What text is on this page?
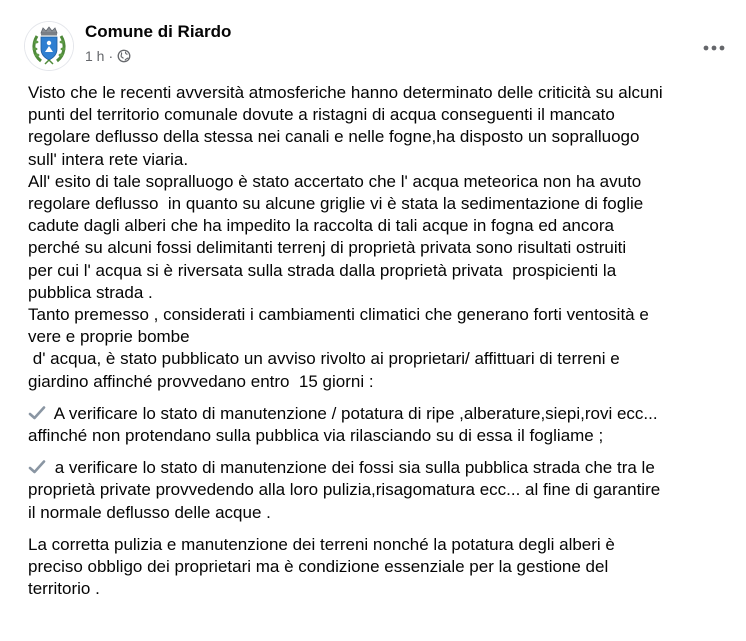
Comune di Riardo
1 h ·

Visto che le recenti avversità atmosferiche hanno determinato delle criticità su alcuni
punti del territorio comunale dovute a ristagni di acqua conseguenti il mancato
regolare deflusso della stessa nei canali e nelle fogne,ha disposto un sopralluogo
sull' intera rete viaria.
All' esito di tale sopralluogo è stato accertato che l' acqua meteorica non ha avuto
regolare deflusso  in quanto su alcune griglie vi è stata la sedimentazione di foglie
cadute dagli alberi che ha impedito la raccolta di tali acque in fogna ed ancora
perché su alcuni fossi delimitanti terrenj di proprietà privata sono risultati ostruiti
per cui l' acqua si è riversata sulla strada dalla proprietà privata  prospicienti la
pubblica strada .
Tanto premesso , considerati i cambiamenti climatici che generano forti ventosità e
vere e proprie bombe
d' acqua, è stato pubblicato un avviso rivolto ai proprietari/ affittuari di terreni e
giardino affinché provvedano entro  15 giorni :

A verificare lo stato di manutenzione / potatura di ripe ,alberature,siepi,rovi ecc...
affinché non protendano sulla pubblica via rilasciando su di essa il fogliame ;

a verificare lo stato di manutenzione dei fossi sia sulla pubblica strada che tra le
proprietà private provvedendo alla loro pulizia,risagomatura ecc... al fine di garantire
il normale deflusso delle acque .

La corretta pulizia e manutenzione dei terreni nonché la potatura degli alberi è
preciso obbligo dei proprietari ma è condizione essenziale per la gestione del
territorio .
